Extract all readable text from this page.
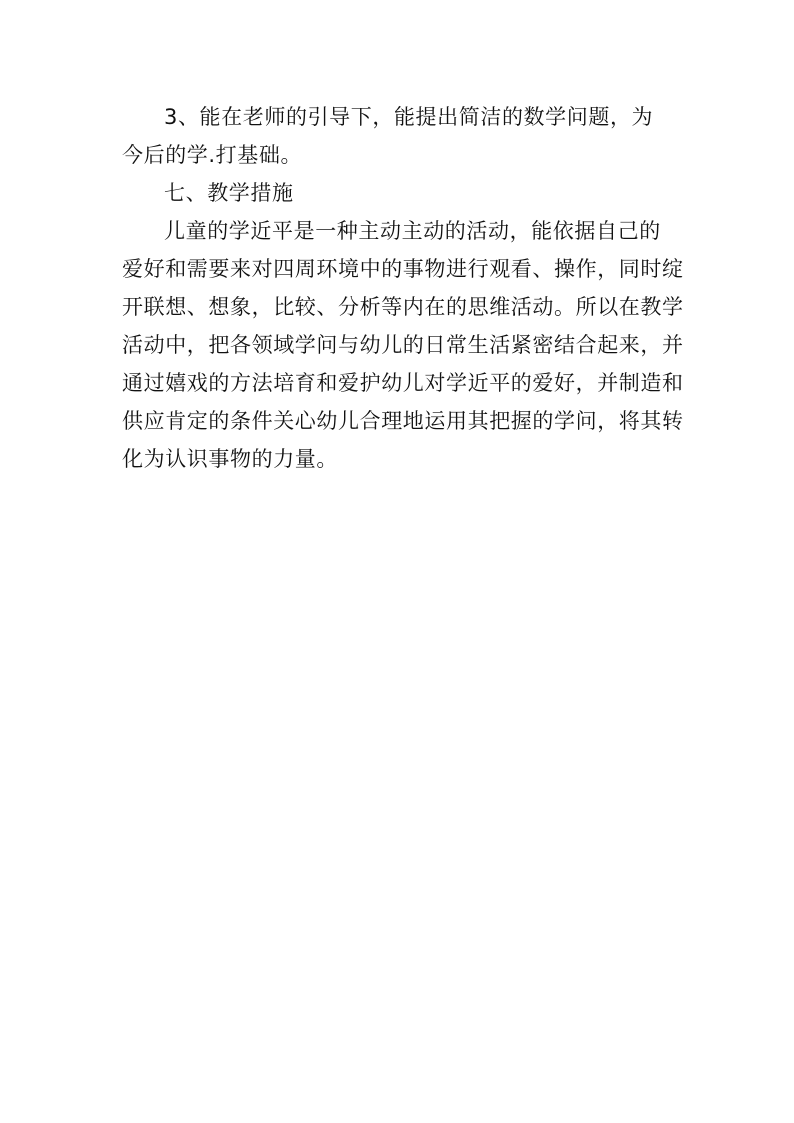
3、能在老师的引导下，能提出简洁的数学问题，为
今后的学.打基础。
七、教学措施
儿童的学近平是一种主动主动的活动，能依据自己的
爱好和需要来对四周环境中的事物进行观看、操作，同时绽
开联想、想象，比较、分析等内在的思维活动。所以在教学
活动中，把各领域学问与幼儿的日常生活紧密结合起来，并
通过嬉戏的方法培育和爱护幼儿对学近平的爱好，并制造和
供应肯定的条件关心幼儿合理地运用其把握的学问，将其转
化为认识事物的力量。
